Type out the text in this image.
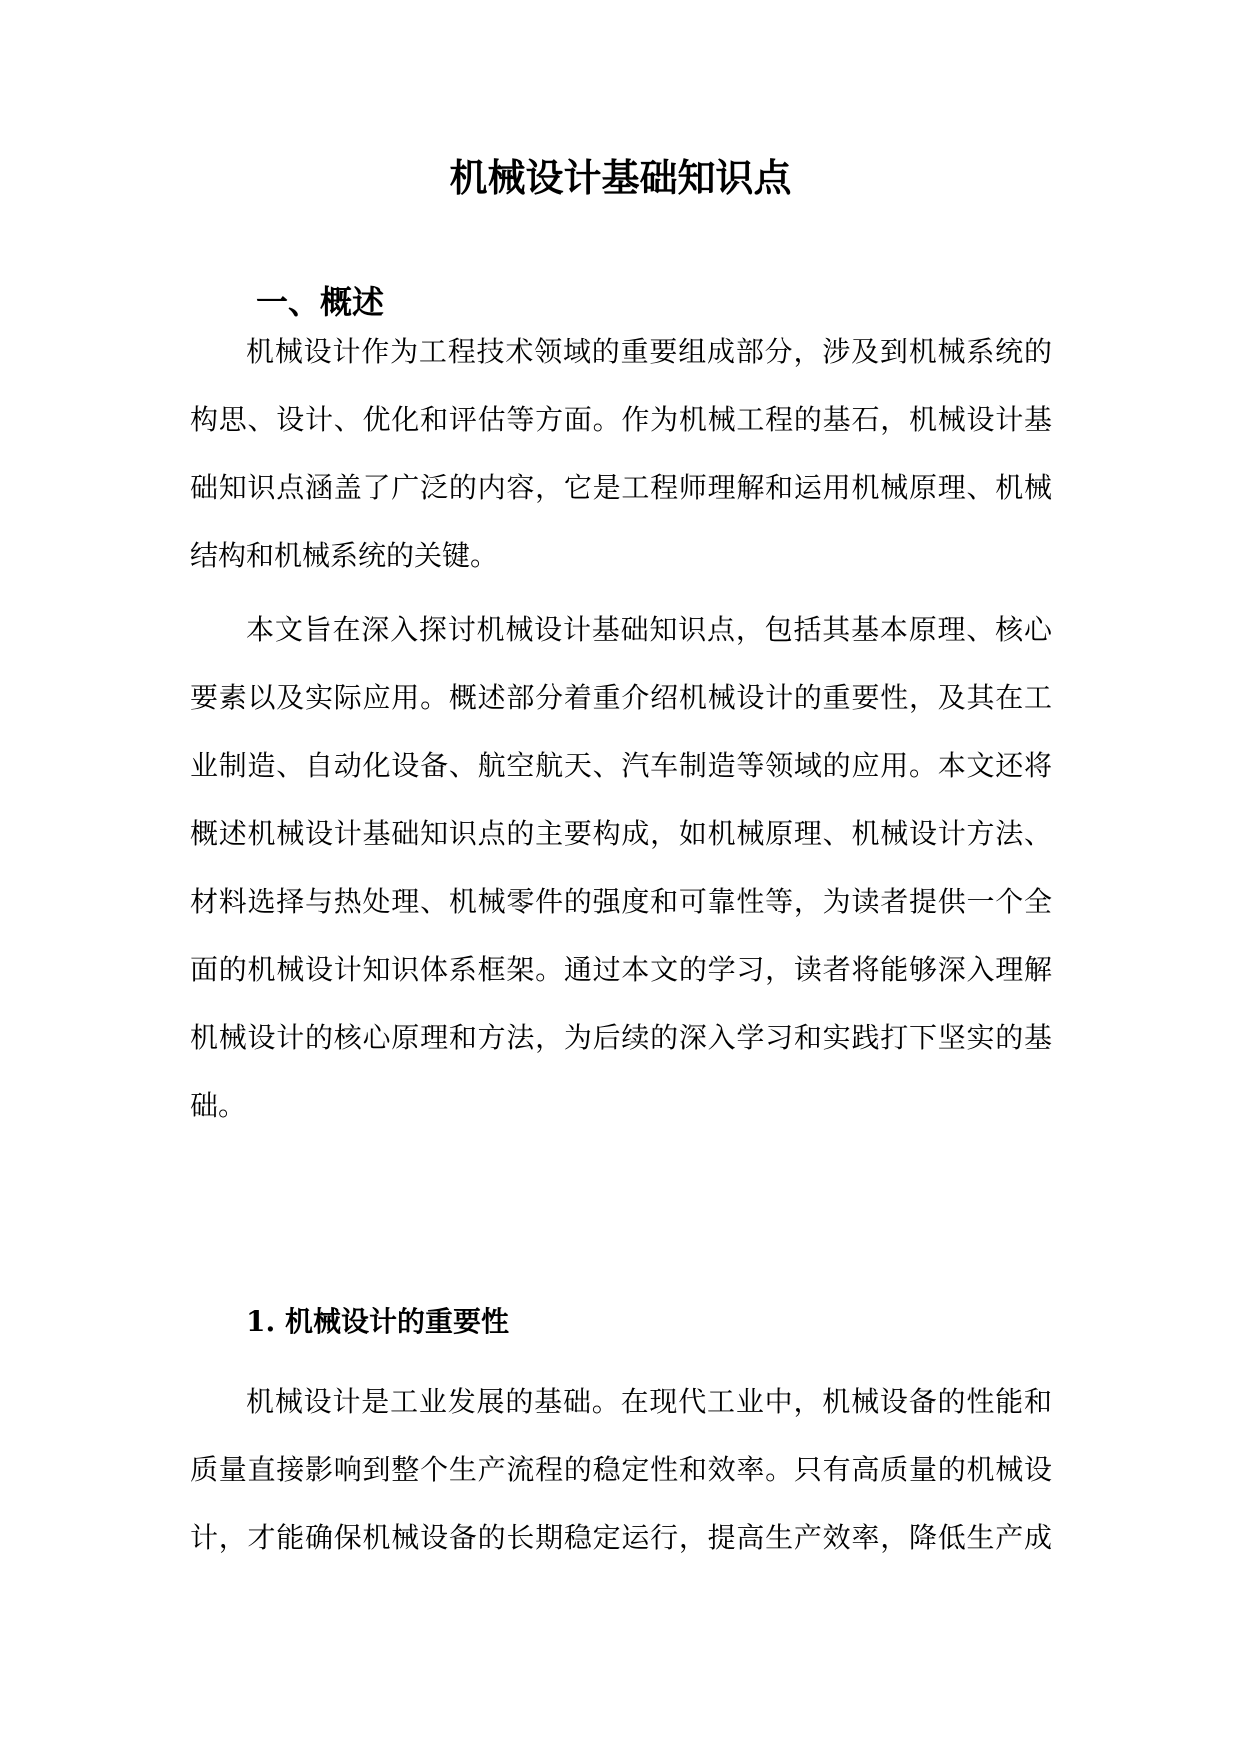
机械设计基础知识点
一、概述

机械设计作为工程技术领域的重要组成部分，涉及到机械系统的

构思、设计、优化和评估等方面。作为机械工程的基石，机械设计基

础知识点涵盖了广泛的内容，它是工程师理解和运用机械原理、机械

结构和机械系统的关键。

本文旨在深入探讨机械设计基础知识点，包括其基本原理、核心

要素以及实际应用。概述部分着重介绍机械设计的重要性，及其在工

业制造、自动化设备、航空航天、汽车制造等领域的应用。本文还将

概述机械设计基础知识点的主要构成，如机械原理、机械设计方法、

材料选择与热处理、机械零件的强度和可靠性等，为读者提供一个全

面的机械设计知识体系框架。通过本文的学习，读者将能够深入理解

机械设计的核心原理和方法，为后续的深入学习和实践打下坚实的基

础。

1. 机械设计的重要性

机械设计是工业发展的基础。在现代工业中，机械设备的性能和

质量直接影响到整个生产流程的稳定性和效率。只有高质量的机械设

计，才能确保机械设备的长期稳定运行，提高生产效率，降低生产成
